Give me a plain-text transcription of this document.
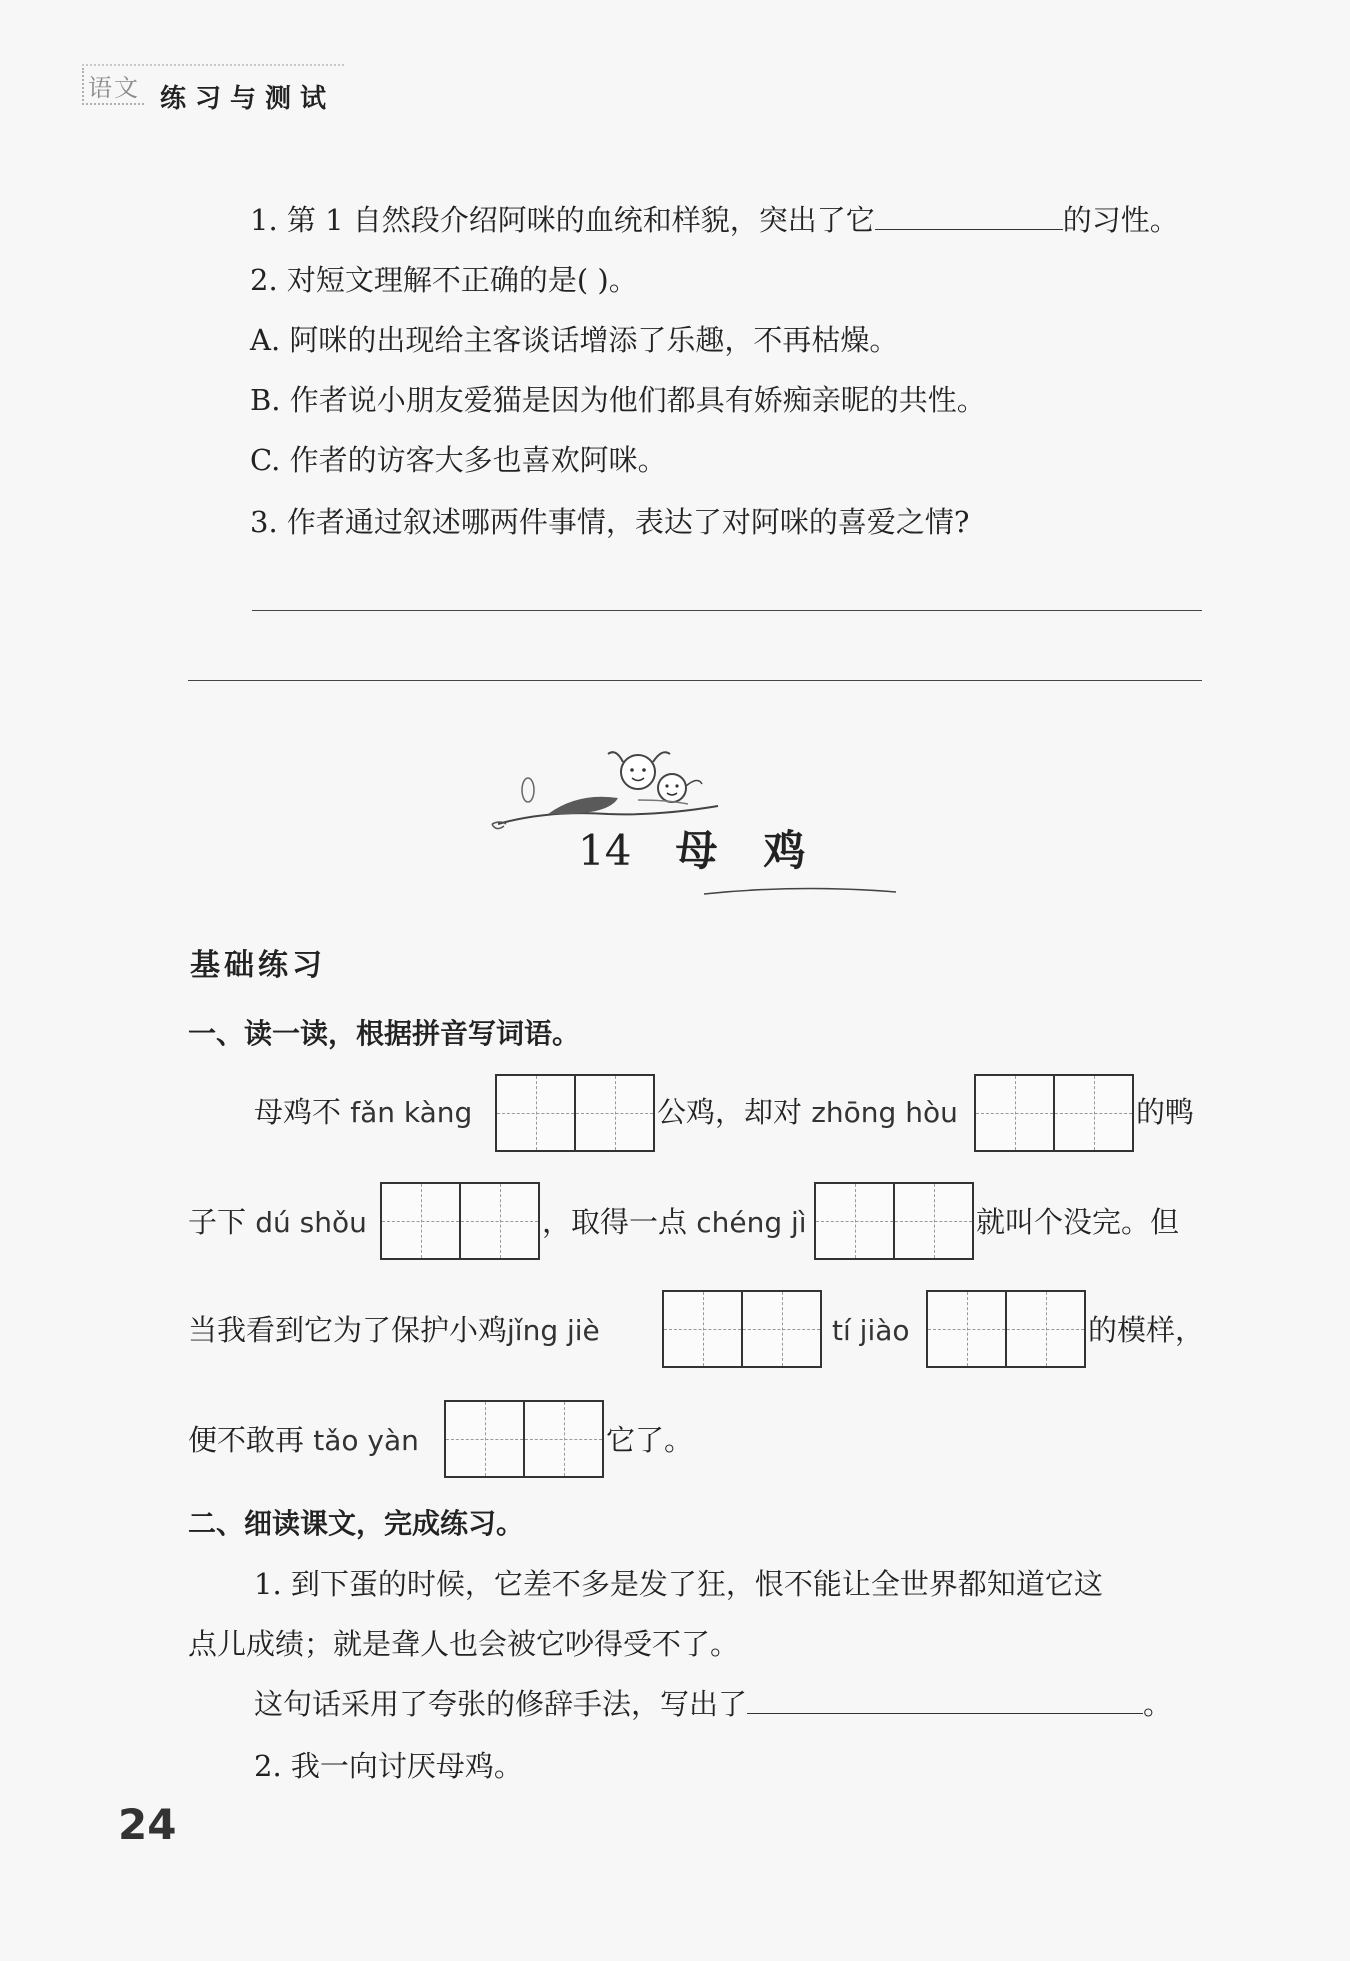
语文 练习与测试
1. 第 1 自然段介绍阿咪的血统和样貌，突出了它	的习性。
2. 对短文理解不正确的是( )。
A. 阿咪的出现给主客谈话增添了乐趣，不再枯燥。
B. 作者说小朋友爱猫是因为他们都具有娇痴亲昵的共性。
C. 作者的访客大多也喜欢阿咪。
3. 作者通过叙述哪两件事情，表达了对阿咪的喜爱之情?
14 母鸡
基础练习
一、读一读，根据拼音写词语。
母鸡不 fǎn kàng	公鸡，却对 zhōng hòu	的鸭
子下 dú shǒu	，取得一点 chéng jì	就叫个没完。但
当我看到它为了保护小鸡jǐng jiè	tí jiào	的模样，
便不敢再 tǎo yàn	它了。
二、细读课文，完成练习。
1. 到下蛋的时候，它差不多是发了狂，恨不能让全世界都知道它这
点儿成绩；就是聋人也会被它吵得受不了。
这句话采用了夸张的修辞手法，写出了	。
2. 我一向讨厌母鸡。
24
